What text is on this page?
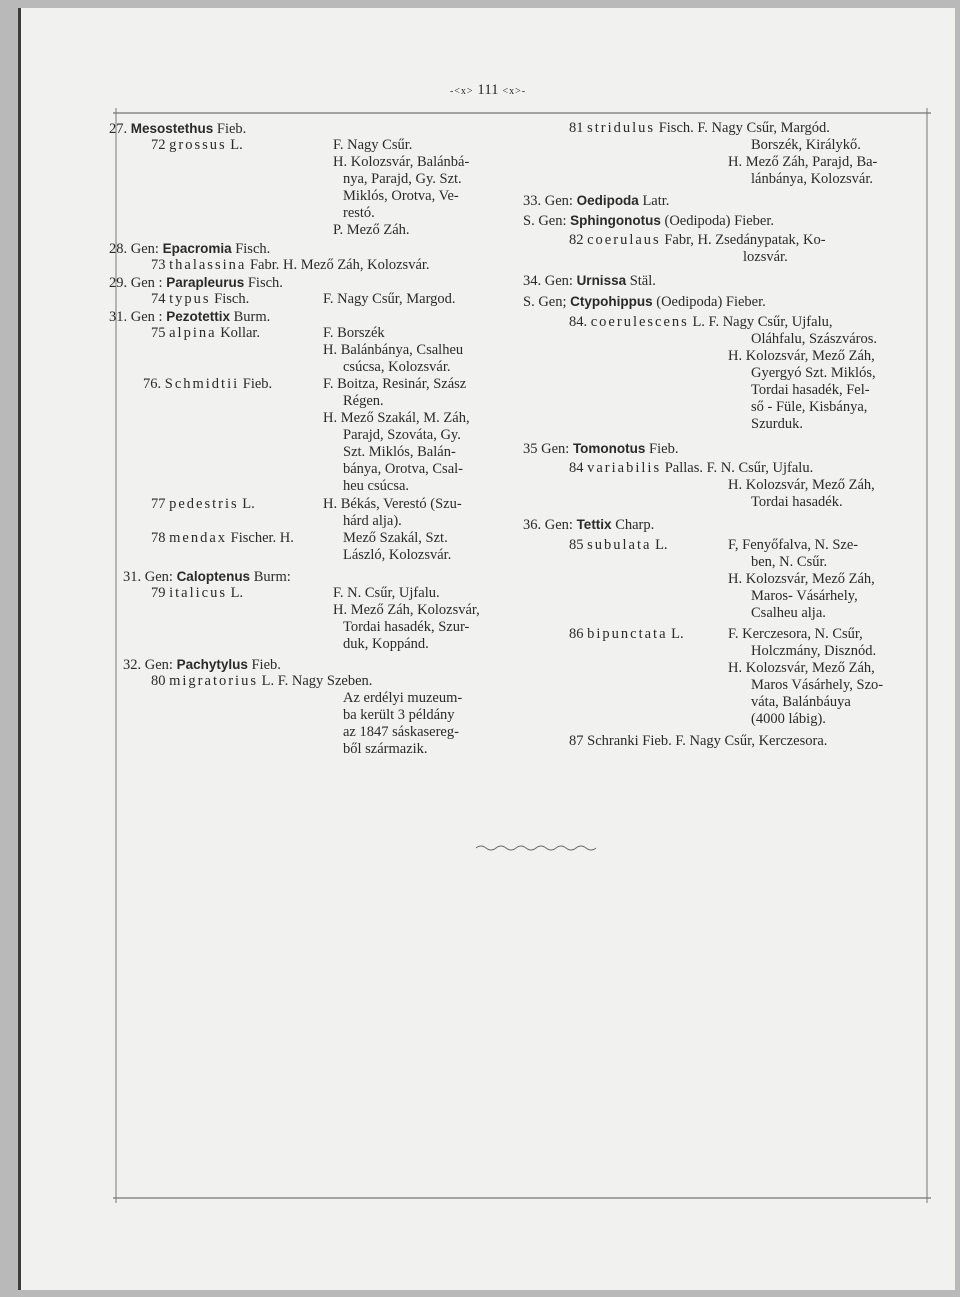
-<x> 111 <x>-
27. Mesostethus Fieb.
72 grossus L.	F. Nagy Csűr.
H. Kolozsvár, Balánbá-
nya, Parajd, Gy. Szt.
Miklós, Orotva, Ve-
restó.
P. Mező Záh.
28. Gen: Epacromia Fisch.
73 thalassina Fabr. H. Mező Záh, Kolozsvár.
29. Gen : Parapleurus Fisch.
74 typus Fisch.	F. Nagy Csűr, Margod.
31. Gen : Pezotettix Burm.
75 alpina Kollar.	F. Borszék
H. Balánbánya, Csalheu
csúcsa, Kolozsvár.
76. Schmidtii Fieb.	F. Boitza, Resinár, Szász
Régen.
H. Mező Szakál, M. Záh,
Parajd, Szováta, Gy.
Szt. Miklós, Balán-
bánya, Orotva, Csal-
heu csúcsa.
77 pedestris L.	H. Békás, Verestó (Szu-
hárd alja).
78 mendax Fischer. H.	Mező Szakál, Szt.
László, Kolozsvár.
31. Gen: Caloptenus Burm:
79 italicus L.	F. N. Csűr, Ujfalu.
H. Mező Záh, Kolozsvár,
Tordai hasadék, Szur-
duk, Koppánd.
32. Gen: Pachytylus Fieb.
80 migratorius L. F. Nagy Szeben.
Az erdélyi muzeum-
ba került 3 példány
az 1847 sáskasereg-
ből származik.
81 stridulus Fisch. F. Nagy Csűr, Margód.
Borszék, Királykő.
H. Mező Záh, Parajd, Ba-
lánbánya, Kolozsvár.
33. Gen: Oedipoda Latr.
S. Gen: Sphingonotus (Oedipoda) Fieber.
82 coerulaus Fabr, H. Zsedánypatak, Ko-
lozsvár.
34. Gen: Urnissa Stäl.
S. Gen; Ctypohippus (Oedipoda) Fieber.
84. coerulescens L. F. Nagy Csűr, Ujfalu,
Oláhfalu, Szászváros.
H. Kolozsvár, Mező Záh,
Gyergyó Szt. Miklós,
Tordai hasadék, Fel-
ső - Füle, Kisbánya,
Szurduk.
35 Gen: Tomonotus Fieb.
84 variabilis Pallas. F. N. Csűr, Ujfalu.
H. Kolozsvár, Mező Záh,
Tordai hasadék.
36. Gen: Tettix Charp.
85 subulata L.	F, Fenyőfalva, N. Sze-
ben, N. Csűr.
H. Kolozsvár, Mező Záh,
Maros- Vásárhely,
Csalheu alja.
86 bipunctata L.	F. Kerczesora, N. Csűr,
Holczmány, Disznód.
H. Kolozsvár, Mező Záh,
Maros Vásárhely, Szo-
váta, Balánbáuya
(4000 lábig).
87 Schranki Fieb. F. Nagy Csűr, Kerczesora.
